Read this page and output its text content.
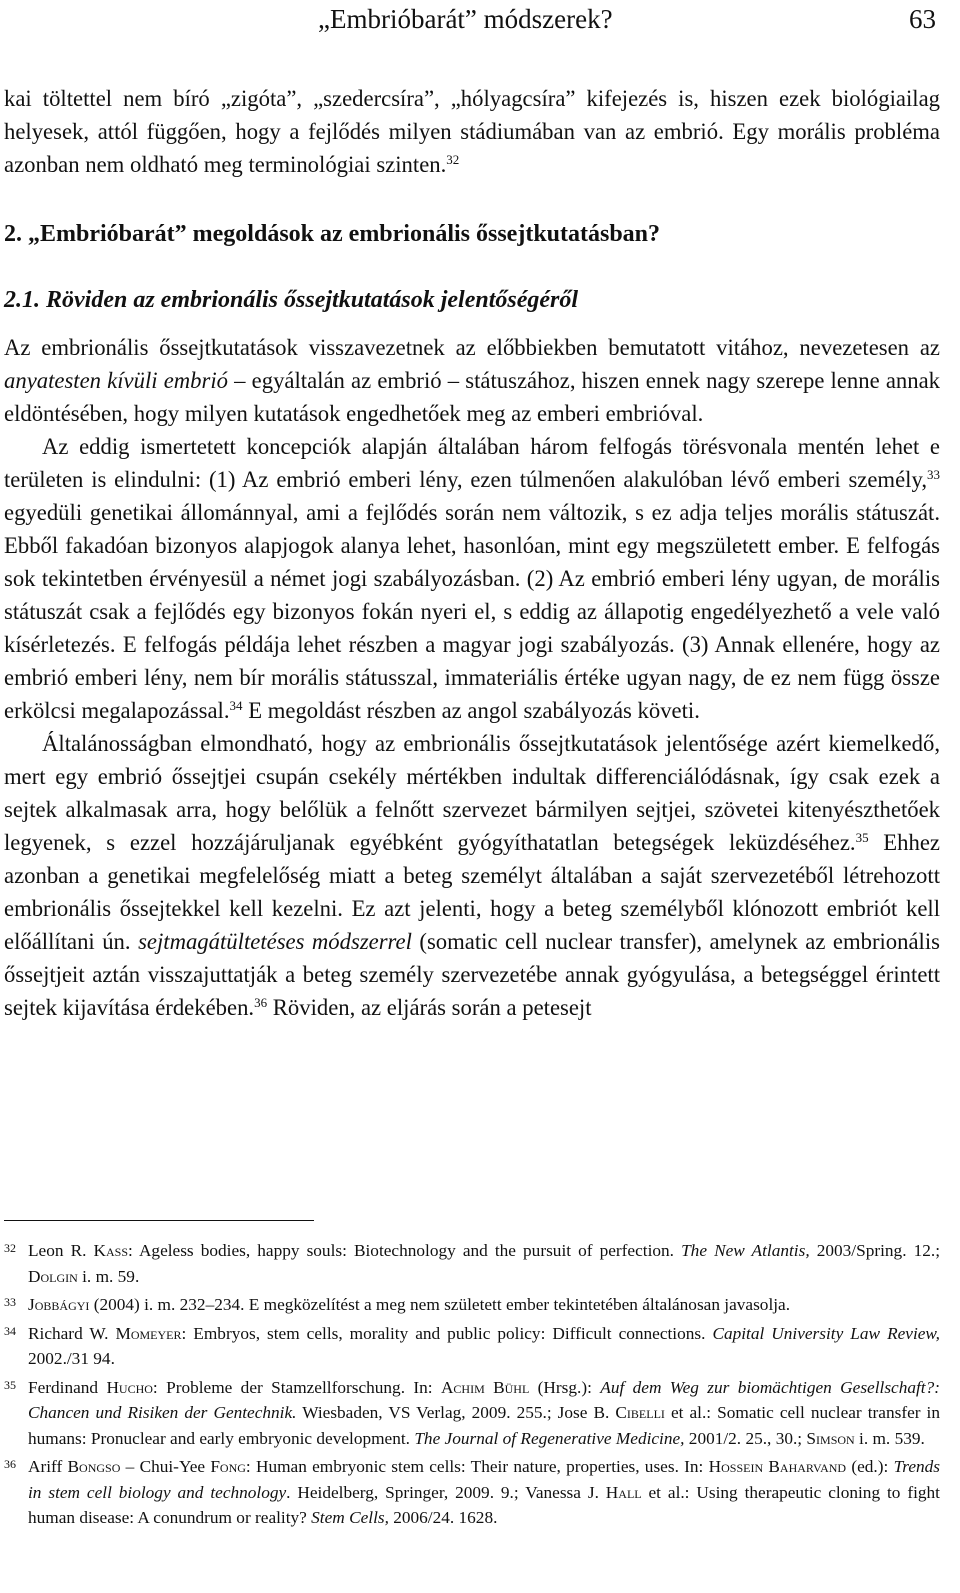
„Embrióbarát” módszerek?	63

kai töltettel nem bíró „zigóta”, „szedercsíra”, „hólyagcsíra” kifejezés is, hiszen ezek biológiailag helyesek, attól függően, hogy a fejlődés milyen stádiumában van az embrió. Egy morális probléma azonban nem oldható meg terminológiai szinten.$^{32}$

2. „Embrióbarát” megoldások az embrionális őssejtkutatásban?
2.1. Röviden az embrionális őssejtkutatások jelentőségéről

Az embrionális őssejtkutatások visszavezetnek az előbbiekben bemutatott vitához, nevezetesen az anyatesten kívüli embrió – egyáltalán az embrió – státuszához, hiszen ennek nagy szerepe lenne annak eldöntésében, hogy milyen kutatások engedhetőek meg az emberi embrióval.

Az eddig ismertetett koncepciók alapján általában három felfogás törésvonala mentén lehet e területen is elindulni: (1) Az embrió emberi lény, ezen túlmenően alakulóban lévő emberi személy,$^{33}$ egyedüli genetikai állománnyal, ami a fejlődés során nem változik, s ez adja teljes morális státuszát. Ebből fakadóan bizonyos alapjogok alanya lehet, hasonlóan, mint egy megszületett ember. E felfogás sok tekintetben érvényesül a német jogi szabályozásban. (2) Az embrió emberi lény ugyan, de morális státuszát csak a fejlődés egy bizonyos fokán nyeri el, s eddig az állapotig engedélyezhető a vele való kísérletezés. E felfogás példája lehet részben a magyar jogi szabályozás. (3) Annak ellenére, hogy az embrió emberi lény, nem bír morális státusszal, immateriális értéke ugyan nagy, de ez nem függ össze erkölcsi megalapozással.$^{34}$ E megoldást részben az angol szabályozás követi.

Általánosságban elmondható, hogy az embrionális őssejtkutatások jelentősége azért kiemelkedő, mert egy embrió őssejtjei csupán csekély mértékben indultak differenciálódásnak, így csak ezek a sejtek alkalmasak arra, hogy belőlük a felnőtt szervezet bármilyen sejtjei, szövetei kitenyészthetőek legyenek, s ezzel hozzájáruljanak egyébként gyógyíthatatlan betegségek leküzdéséhez.$^{35}$ Ehhez azonban a genetikai megfelelőség miatt a beteg személyt általában a saját szervezetéből létrehozott embrionális őssejtekkel kell kezelni. Ez azt jelenti, hogy a beteg személyből klónozott embriót kell előállítani ún. sejtmagátültetéses módszerrel (somatic cell nuclear transfer), amelynek az embrionális őssejtjeit aztán visszajuttatják a beteg személy szervezetébe annak gyógyulása, a betegséggel érintett sejtek kijavítása érdekében.$^{36}$ Röviden, az eljárás során a petesejt

32 Leon R. Kass: Ageless bodies, happy souls: Biotechnology and the pursuit of perfection. The New Atlantis, 2003/Spring. 12.; Dolgin i. m. 59.

33 Jobbágyi (2004) i. m. 232–234. E megközelítést a meg nem született ember tekintetében általánosan javasolja.

34 Richard W. Momeyer: Embryos, stem cells, morality and public policy: Difficult connections. Capital University Law Review, 2002./31 94.

35 Ferdinand Hucho: Probleme der Stamzellforschung. In: Achim Bühl (Hrsg.): Auf dem Weg zur biomächtigen Gesellschaft?: Chancen und Risiken der Gentechnik. Wiesbaden, VS Verlag, 2009. 255.; Jose B. Cibelli et al.: Somatic cell nuclear transfer in humans: Pronuclear and early embryonic development. The Journal of Regenerative Medicine, 2001/2. 25., 30.; Simson i. m. 539.

36 Ariff Bongso – Chui-Yee Fong: Human embryonic stem cells: Their nature, properties, uses. In: Hossein Baharvand (ed.): Trends in stem cell biology and technology. Heidelberg, Springer, 2009. 9.; Vanessa J. Hall et al.: Using therapeutic cloning to fight human disease: A conundrum or reality? Stem Cells, 2006/24. 1628.
